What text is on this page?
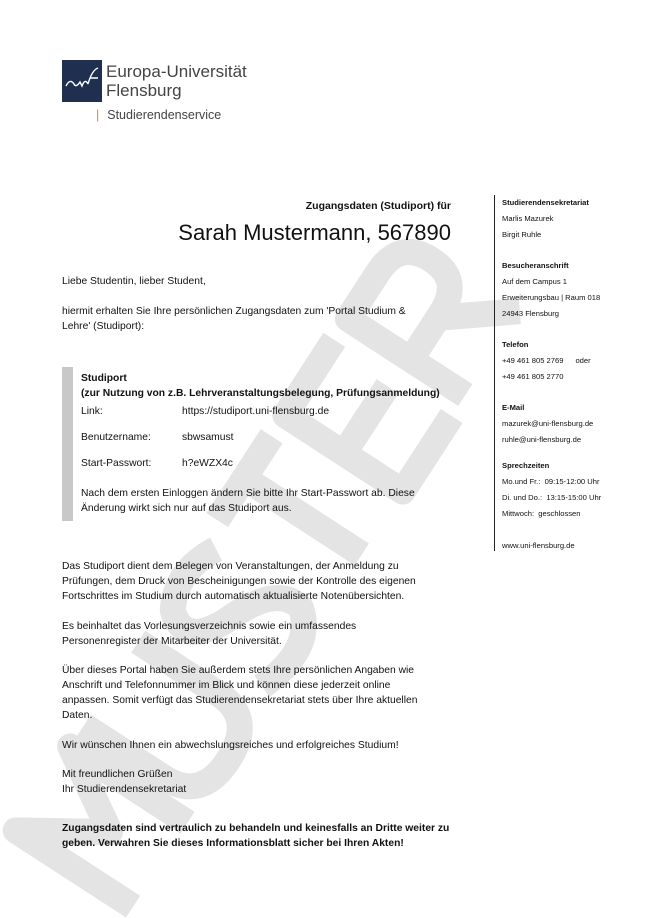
Europa-Universität
Flensburg
| Studierendenservice
Zugangsdaten (Studiport) für
Sarah Mustermann, 567890
Liebe Studentin, lieber Student,
hiermit erhalten Sie Ihre persönlichen Zugangsdaten zum 'Portal Studium &
Lehre' (Studiport):
Studiport
(zur Nutzung von z.B. Lehrveranstaltungsbelegung, Prüfungsanmeldung)
Link:	https://studiport.uni-flensburg.de
Benutzername:	sbwsamust
Start-Passwort:	h?eWZX4c
Nach dem ersten Einloggen ändern Sie bitte Ihr Start-Passwort ab. Diese
Änderung wirkt sich nur auf das Studiport aus.
Das Studiport dient dem Belegen von Veranstaltungen, der Anmeldung zu
Prüfungen, dem Druck von Bescheinigungen sowie der Kontrolle des eigenen
Fortschrittes im Studium durch automatisch aktualisierte Notenübersichten.
Es beinhaltet das Vorlesungsverzeichnis sowie ein umfassendes
Personenregister der Mitarbeiter der Universität.
Über dieses Portal haben Sie außerdem stets Ihre persönlichen Angaben wie
Anschrift und Telefonnummer im Blick und können diese jederzeit online
anpassen. Somit verfügt das Studierendensekretariat stets über Ihre aktuellen
Daten.
Wir wünschen Ihnen ein abwechslungsreiches und erfolgreiches Studium!
Mit freundlichen Grüßen
Ihr Studierendensekretariat
Zugangsdaten sind vertraulich zu behandeln und keinesfalls an Dritte weiter zu
geben. Verwahren Sie dieses Informationsblatt sicher bei Ihren Akten!
Studierendensekretariat
Marlis Mazurek
Birgit Ruhle
Besucheranschrift
Auf dem Campus 1
Erweiterungsbau | Raum 018
24943 Flensburg
Telefon
+49 461 805 2769 oder
+49 461 805 2770
E-Mail
mazurek@uni-flensburg.de
ruhle@uni-flensburg.de
Sprechzeiten
Mo.und Fr.:  09:15-12:00 Uhr
Di. und Do.:  13:15-15:00 Uhr
Mittwoch:  geschlossen
www.uni-flensburg.de
